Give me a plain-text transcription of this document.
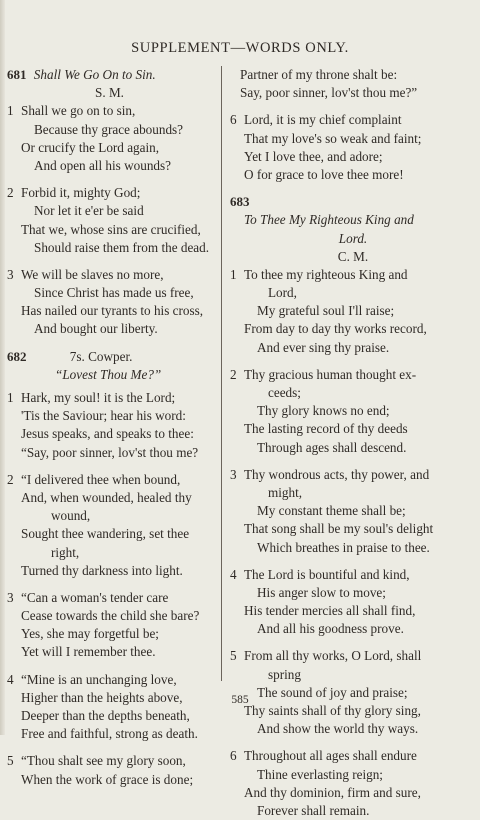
SUPPLEMENT—WORDS ONLY.
681 Shall We Go On to Sin.
S. M.
1 Shall we go on to sin,
Because thy grace abounds?
Or crucify the Lord again,
And open all his wounds?
2 Forbid it, mighty God;
Nor let it e'er be said
That we, whose sins are crucified,
Should raise them from the dead.
3 We will be slaves no more,
Since Christ has made us free,
Has nailed our tyrants to his cross,
And bought our liberty.
682	7s. Cowper.
“Lovest Thou Me?”
1 Hark, my soul! it is the Lord;
'Tis the Saviour; hear his word:
Jesus speaks, and speaks to thee:
“Say, poor sinner, lov'st thou me?
2 “I delivered thee when bound,
And, when wounded, healed thy
wound,
Sought thee wandering, set thee
right,
Turned thy darkness into light.
3 “Can a woman's tender care
Cease towards the child she bare?
Yes, she may forgetful be;
Yet will I remember thee.
4 “Mine is an unchanging love,
Higher than the heights above,
Deeper than the depths beneath,
Free and faithful, strong as death.
5 “Thou shalt see my glory soon,
When the work of grace is done;
Partner of my throne shalt be:
Say, poor sinner, lov'st thou me?”
6 Lord, it is my chief complaint
That my love's so weak and faint;
Yet I love thee, and adore;
O for grace to love thee more!
683
To Thee My Righteous King and
Lord.
C. M.
1 To thee my righteous King and
Lord,
My grateful soul I'll raise;
From day to day thy works record,
And ever sing thy praise.
2 Thy gracious human thought ex-
ceeds;
Thy glory knows no end;
The lasting record of thy deeds
Through ages shall descend.
3 Thy wondrous acts, thy power, and
might,
My constant theme shall be;
That song shall be my soul's delight
Which breathes in praise to thee.
4 The Lord is bountiful and kind,
His anger slow to move;
His tender mercies all shall find,
And all his goodness prove.
5 From all thy works, O Lord, shall
spring
The sound of joy and praise;
Thy saints shall of thy glory sing,
And show the world thy ways.
6 Throughout all ages shall endure
Thine everlasting reign;
And thy dominion, firm and sure,
Forever shall remain.
585
